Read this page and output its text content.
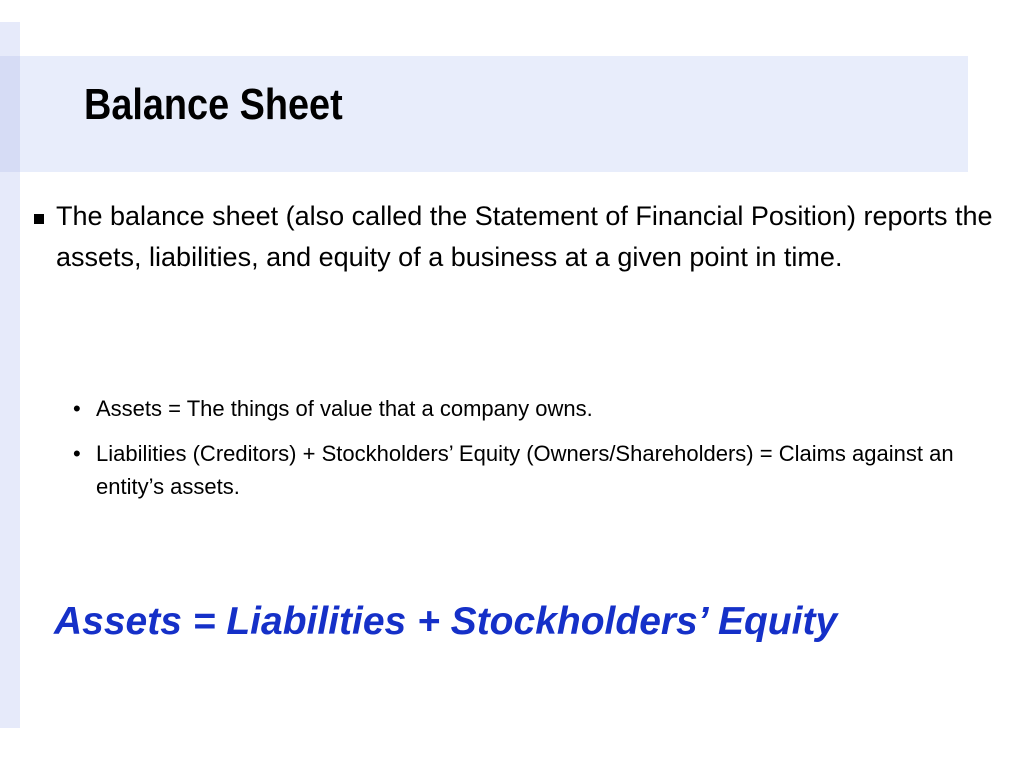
Balance Sheet
The balance sheet (also called the Statement of Financial Position) reports the assets, liabilities, and equity of a business at a given point in time.
• Assets = The things of value that a company owns.
• Liabilities (Creditors) + Stockholders’ Equity (Owners/Shareholders) = Claims against an entity’s assets.
Assets = Liabilities + Stockholders’ Equity
